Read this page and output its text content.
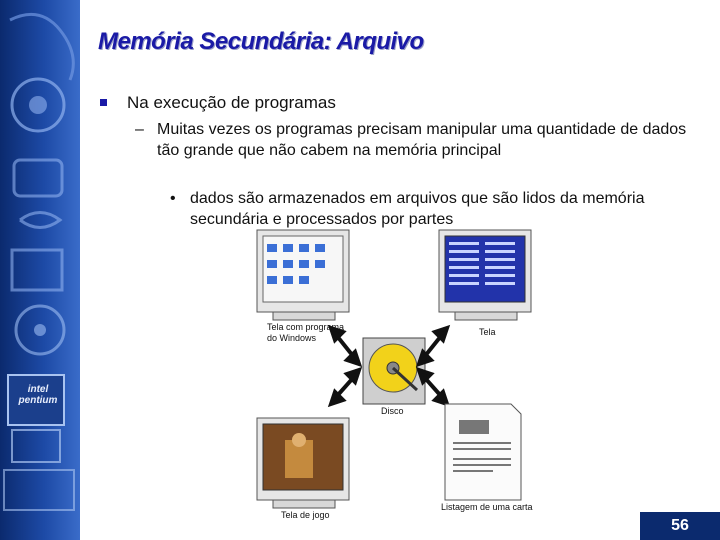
intel
pentium
Memória Secundária: Arquivo
Na execução de programas
– Muitas vezes os programas precisam manipular uma quantidade de dados tão grande que não cabem na memória principal
• dados são armazenados em arquivos que são lidos da memória secundária e processados por partes
Tela com programa
do Windows
Tela
Disco
Tela de jogo
Listagem de uma carta
56
